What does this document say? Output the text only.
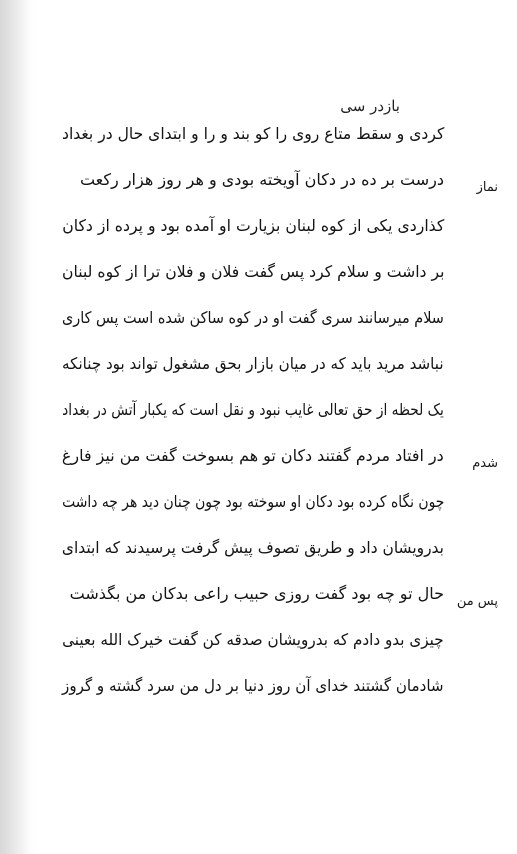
بازدر سی
کردی و سقط متاع روی را کو بند و را و ابتدای حال در بغداد
درست بر ده در دکان آویخته بودی و هر روز هزار رکعت	نماز
کذاردی یکی از کوه لبنان بزیارت او آمده بود و پرده از دکان
بر داشت و سلام کرد پس گفت فلان و فلان ترا از کوه لبنان
سلام میرسانند سری گفت او در کوه ساکن شده است پس کاری
نباشد مرید باید که در میان بازار بحق مشغول تواند بود چنانکه
یک لحظه از حق تعالی غایب نبود و نقل است که یکبار آتش در بغداد
در افتاد مردم گفتند دکان تو هم بسوخت گفت من نیز فارغ شدم
چون نگاه کرده بود دکان او سوخته بود چون چنان دید هر چه داشت
بدرویشان داد و طریق تصوف پیش گرفت پرسیدند که ابتدای
حال تو چه بود گفت روزی حبیب راعی بدکان من بگذشت پس من
چیزی بدو دادم که بدرویشان صدقه کن گفت خیرک الله بعینی
شادمان گشتند خدای آن روز دنیا بر دل من سرد گشته و گروز
